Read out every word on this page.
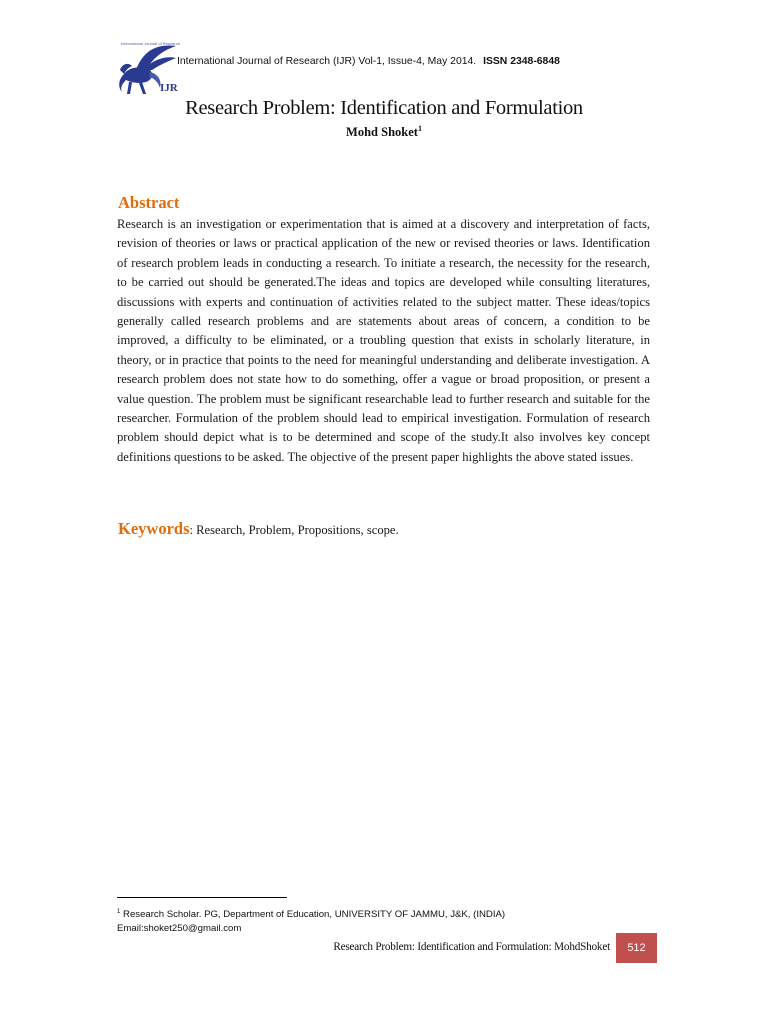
International Journal of Research
IJR
International Journal of Research (IJR) Vol-1, Issue-4, May 2014. ISSN 2348-6848
Research Problem: Identification and Formulation
Mohd Shoket$^1$
Abstract

Research is an investigation or experimentation that is aimed at a discovery and interpretation of facts, revision of theories or laws or practical application of the new or revised theories or laws. Identification of research problem leads in conducting a research. To initiate a research, the necessity for the research, to be carried out should be generated.The ideas and topics are developed while consulting literatures, discussions with experts and continuation of activities related to the subject matter. These ideas/topics generally called research problems and are statements about areas of concern, a condition to be improved, a difficulty to be eliminated, or a troubling question that exists in scholarly literature, in theory, or in practice that points to the need for meaningful understanding and deliberate investigation. A research problem does not state how to do something, offer a vague or broad proposition, or present a value question. The problem must be significant researchable lead to further research and suitable for the researcher. Formulation of the problem should lead to empirical investigation. Formulation of research problem should depict what is to be determined and scope of the study.It also involves key concept definitions questions to be asked. The objective of the present paper highlights the above stated issues.

Keywords: Research, Problem, Propositions, scope.
$^1$ Research Scholar. PG, Department of Education, UNIVERSITY OF JAMMU, J&K, (INDIA)
Email:shoket250@gmail.com
Research Problem: Identification and Formulation: MohdShoket	512
